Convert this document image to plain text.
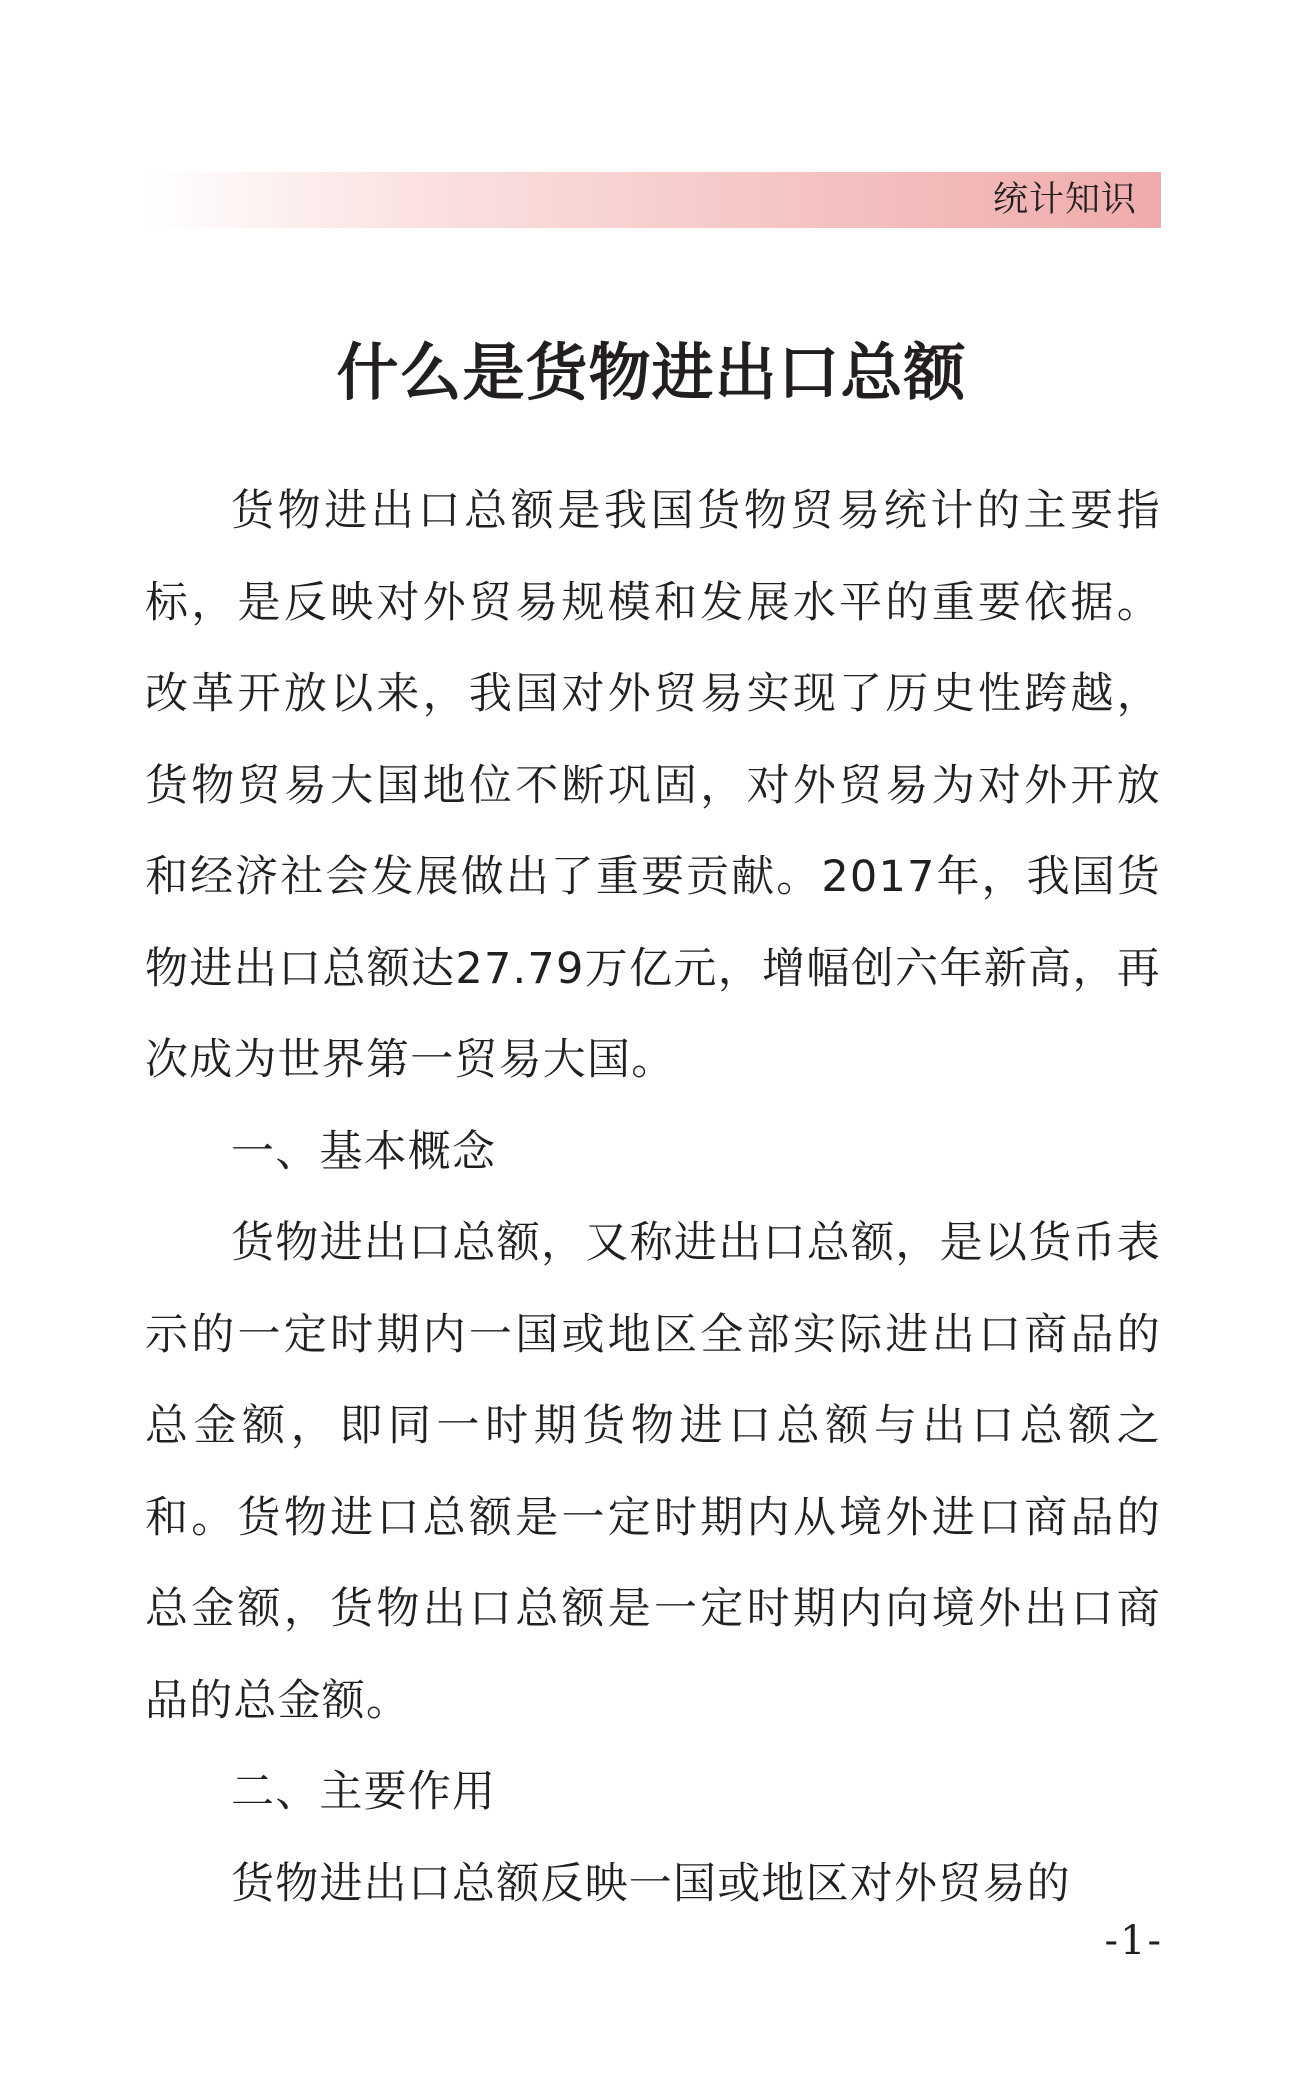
统计知识
什么是货物进出口总额

货物进出口总额是我国货物贸易统计的主要指标，是反映对外贸易规模和发展水平的重要依据。改革开放以来，我国对外贸易实现了历史性跨越，货物贸易大国地位不断巩固，对外贸易为对外开放和经济社会发展做出了重要贡献。2017年，我国货物进出口总额达27.79万亿元，增幅创六年新高，再次成为世界第一贸易大国。

一、基本概念

货物进出口总额，又称进出口总额，是以货币表示的一定时期内一国或地区全部实际进出口商品的总金额，即同一时期货物进口总额与出口总额之和。货物进口总额是一定时期内从境外进口商品的总金额，货物出口总额是一定时期内向境外出口商品的总金额。

二、主要作用

货物进出口总额反映一国或地区对外贸易的

-1-
